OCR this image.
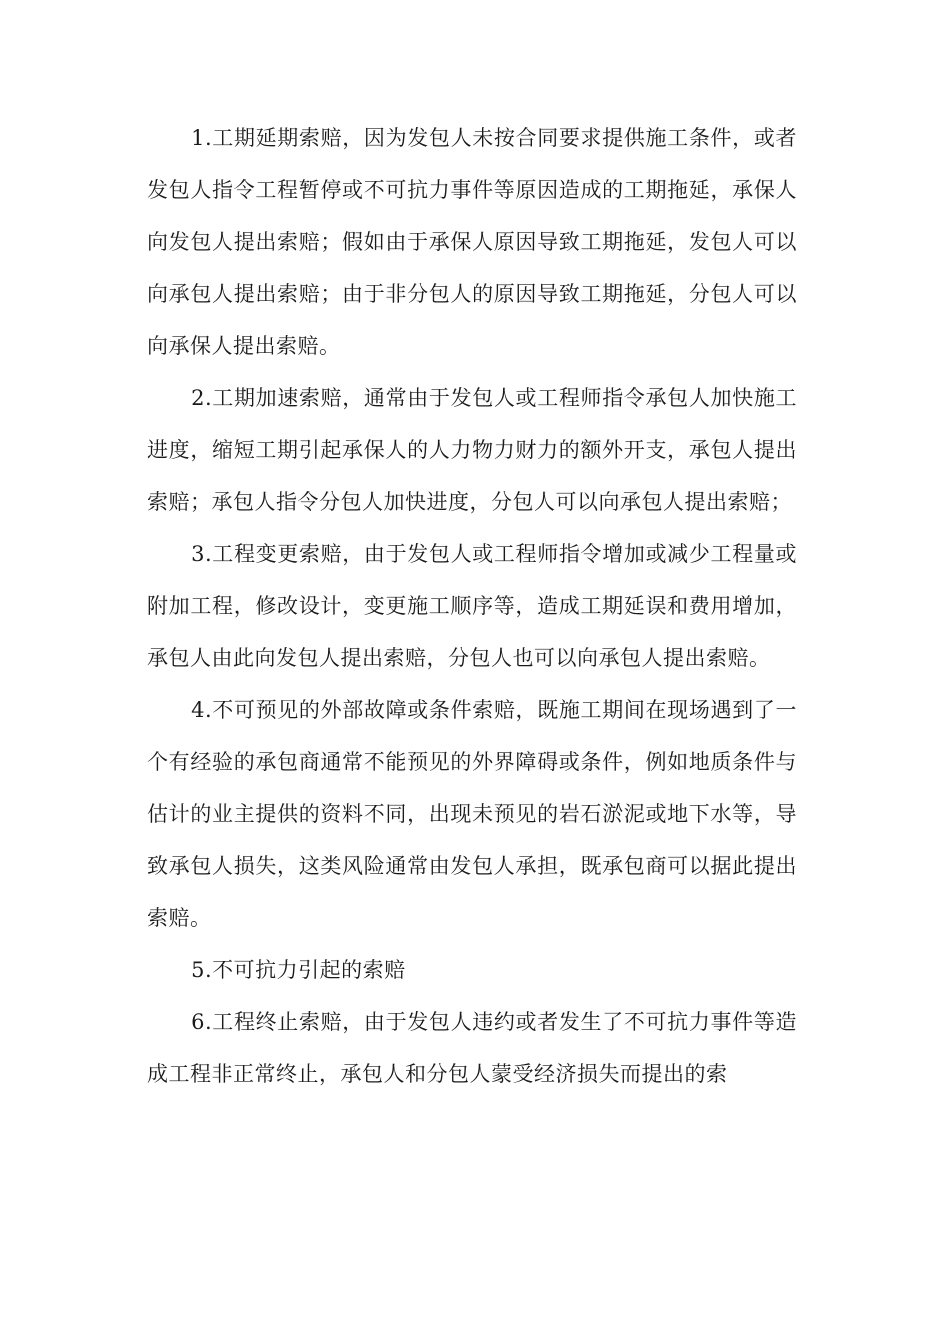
1.工期延期索赔，因为发包人未按合同要求提供施工条件，或者发包人指令工程暂停或不可抗力事件等原因造成的工期拖延，承保人向发包人提出索赔；假如由于承保人原因导致工期拖延，发包人可以向承包人提出索赔；由于非分包人的原因导致工期拖延，分包人可以向承保人提出索赔。

2.工期加速索赔，通常由于发包人或工程师指令承包人加快施工进度，缩短工期引起承保人的人力物力财力的额外开支，承包人提出索赔；承包人指令分包人加快进度，分包人可以向承包人提出索赔；

3.工程变更索赔，由于发包人或工程师指令增加或减少工程量或附加工程，修改设计，变更施工顺序等，造成工期延误和费用增加，承包人由此向发包人提出索赔，分包人也可以向承包人提出索赔。

4.不可预见的外部故障或条件索赔，既施工期间在现场遇到了一个有经验的承包商通常不能预见的外界障碍或条件，例如地质条件与估计的业主提供的资料不同，出现未预见的岩石淤泥或地下水等，导致承包人损失，这类风险通常由发包人承担，既承包商可以据此提出索赔。

5.不可抗力引起的索赔

6.工程终止索赔，由于发包人违约或者发生了不可抗力事件等造成工程非正常终止，承包人和分包人蒙受经济损失而提出的索
